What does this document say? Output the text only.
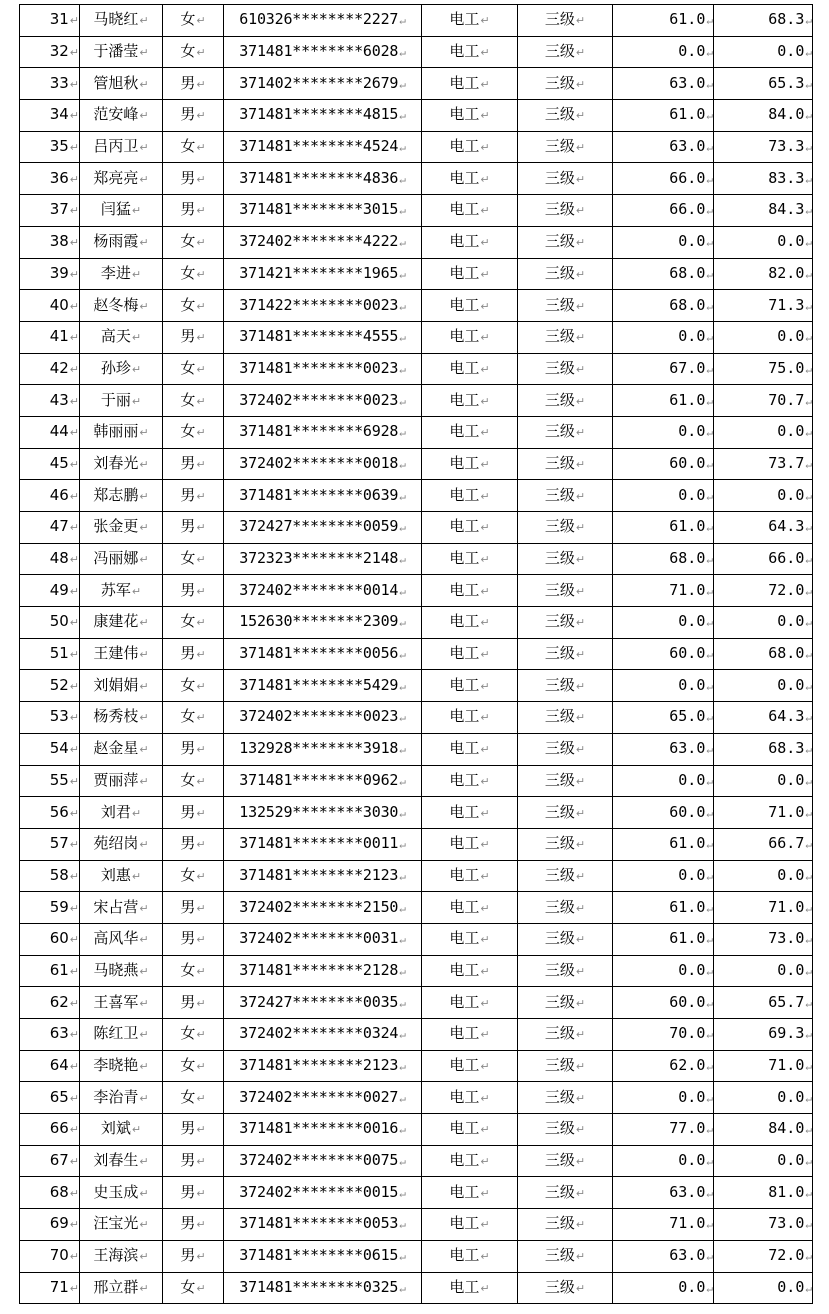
31↵	马晓红↵	女↵	610326********2227↵	电工↵	三级↵	61.0↵	68.3↵
32↵	于潘莹↵	女↵	371481********6028↵	电工↵	三级↵	0.0↵	0.0↵
33↵	管旭秋↵	男↵	371402********2679↵	电工↵	三级↵	63.0↵	65.3↵
34↵	范安峰↵	男↵	371481********4815↵	电工↵	三级↵	61.0↵	84.0↵
35↵	吕丙卫↵	女↵	371481********4524↵	电工↵	三级↵	63.0↵	73.3↵
36↵	郑亮亮↵	男↵	371481********4836↵	电工↵	三级↵	66.0↵	83.3↵
37↵	闫猛↵	男↵	371481********3015↵	电工↵	三级↵	66.0↵	84.3↵
38↵	杨雨霞↵	女↵	372402********4222↵	电工↵	三级↵	0.0↵	0.0↵
39↵	李进↵	女↵	371421********1965↵	电工↵	三级↵	68.0↵	82.0↵
40↵	赵冬梅↵	女↵	371422********0023↵	电工↵	三级↵	68.0↵	71.3↵
41↵	高天↵	男↵	371481********4555↵	电工↵	三级↵	0.0↵	0.0↵
42↵	孙珍↵	女↵	371481********0023↵	电工↵	三级↵	67.0↵	75.0↵
43↵	于丽↵	女↵	372402********0023↵	电工↵	三级↵	61.0↵	70.7↵
44↵	韩丽丽↵	女↵	371481********6928↵	电工↵	三级↵	0.0↵	0.0↵
45↵	刘春光↵	男↵	372402********0018↵	电工↵	三级↵	60.0↵	73.7↵
46↵	郑志鹏↵	男↵	371481********0639↵	电工↵	三级↵	0.0↵	0.0↵
47↵	张金更↵	男↵	372427********0059↵	电工↵	三级↵	61.0↵	64.3↵
48↵	冯丽娜↵	女↵	372323********2148↵	电工↵	三级↵	68.0↵	66.0↵
49↵	苏军↵	男↵	372402********0014↵	电工↵	三级↵	71.0↵	72.0↵
50↵	康建花↵	女↵	152630********2309↵	电工↵	三级↵	0.0↵	0.0↵
51↵	王建伟↵	男↵	371481********0056↵	电工↵	三级↵	60.0↵	68.0↵
52↵	刘娟娟↵	女↵	371481********5429↵	电工↵	三级↵	0.0↵	0.0↵
53↵	杨秀枝↵	女↵	372402********0023↵	电工↵	三级↵	65.0↵	64.3↵
54↵	赵金星↵	男↵	132928********3918↵	电工↵	三级↵	63.0↵	68.3↵
55↵	贾丽萍↵	女↵	371481********0962↵	电工↵	三级↵	0.0↵	0.0↵
56↵	刘君↵	男↵	132529********3030↵	电工↵	三级↵	60.0↵	71.0↵
57↵	苑绍岗↵	男↵	371481********0011↵	电工↵	三级↵	61.0↵	66.7↵
58↵	刘惠↵	女↵	371481********2123↵	电工↵	三级↵	0.0↵	0.0↵
59↵	宋占营↵	男↵	372402********2150↵	电工↵	三级↵	61.0↵	71.0↵
60↵	高风华↵	男↵	372402********0031↵	电工↵	三级↵	61.0↵	73.0↵
61↵	马晓燕↵	女↵	371481********2128↵	电工↵	三级↵	0.0↵	0.0↵
62↵	王喜军↵	男↵	372427********0035↵	电工↵	三级↵	60.0↵	65.7↵
63↵	陈红卫↵	女↵	372402********0324↵	电工↵	三级↵	70.0↵	69.3↵
64↵	李晓艳↵	女↵	371481********2123↵	电工↵	三级↵	62.0↵	71.0↵
65↵	李治青↵	女↵	372402********0027↵	电工↵	三级↵	0.0↵	0.0↵
66↵	刘斌↵	男↵	371481********0016↵	电工↵	三级↵	77.0↵	84.0↵
67↵	刘春生↵	男↵	372402********0075↵	电工↵	三级↵	0.0↵	0.0↵
68↵	史玉成↵	男↵	372402********0015↵	电工↵	三级↵	63.0↵	81.0↵
69↵	汪宝光↵	男↵	371481********0053↵	电工↵	三级↵	71.0↵	73.0↵
70↵	王海滨↵	男↵	371481********0615↵	电工↵	三级↵	63.0↵	72.0↵
71↵	邢立群↵	女↵	371481********0325↵	电工↵	三级↵	0.0↵	0.0↵
